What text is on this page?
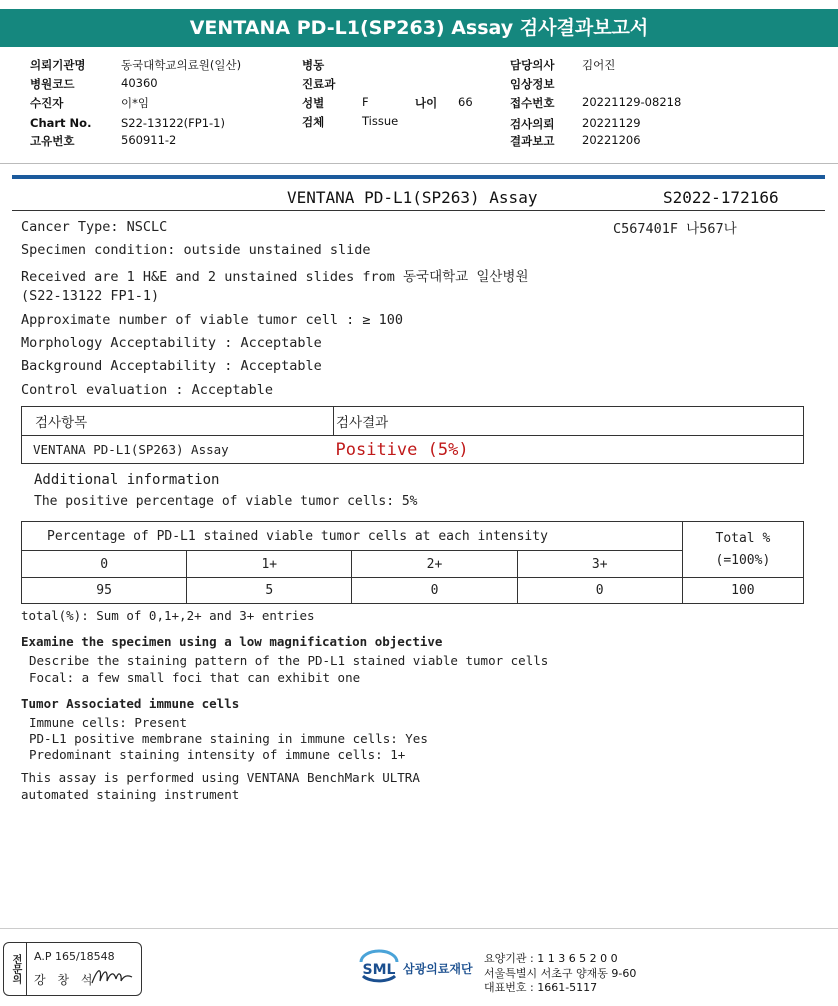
VENTANA PD-L1(SP263) Assay 검사결과보고서
의뢰기관명	동국대학교의료원(일산)
병원코드	40360
수진자	이*임
Chart No.	S22-13122(FP1-1)
고유번호	560911-2
병동
진료과
성별	F	나이 66
검체	Tissue
담당의사 김어진
임상정보
접수번호 20221129-08218
검사의뢰 20221129
결과보고 20221206
VENTANA PD-L1(SP263) Assay	S2022-172166
C567401F 나567나
Cancer Type: NSCLC
Specimen condition: outside unstained slide
Received are 1 H&E and 2 unstained slides from 동국대학교 일산병원
(S22-13122 FP1-1)
Approximate number of viable tumor cell : ≥ 100
Morphology Acceptability : Acceptable
Background Acceptability : Acceptable
Control evaluation : Acceptable
검사항목	검사결과
VENTANA PD-L1(SP263) Assay	Positive (5%)
Additional information
The positive percentage of viable tumor cells: 5%
Percentage of PD-L1 stained viable tumor cells at each intensity				Total %
(=100%)
0	1+	2+	3+	
95	5	0	0	100
total(%): Sum of 0,1+,2+ and 3+ entries
Examine the specimen using a low magnification objective
Describe the staining pattern of the PD-L1 stained viable tumor cells
Focal: a few small foci that can exhibit one
Tumor Associated immune cells
Immune cells: Present
PD-L1 positive membrane staining in immune cells: Yes
Predominant staining intensity of immune cells: 1+
This assay is performed using VENTANA BenchMark ULTRA
automated staining instrument
전문의	A.P 165/18548
강 창 석
SML 삼광의료재단
요양기관 : 1 1 3 6 5 2 0 0
서울특별시 서초구 양재동 9-60
대표번호 : 1661-5117
